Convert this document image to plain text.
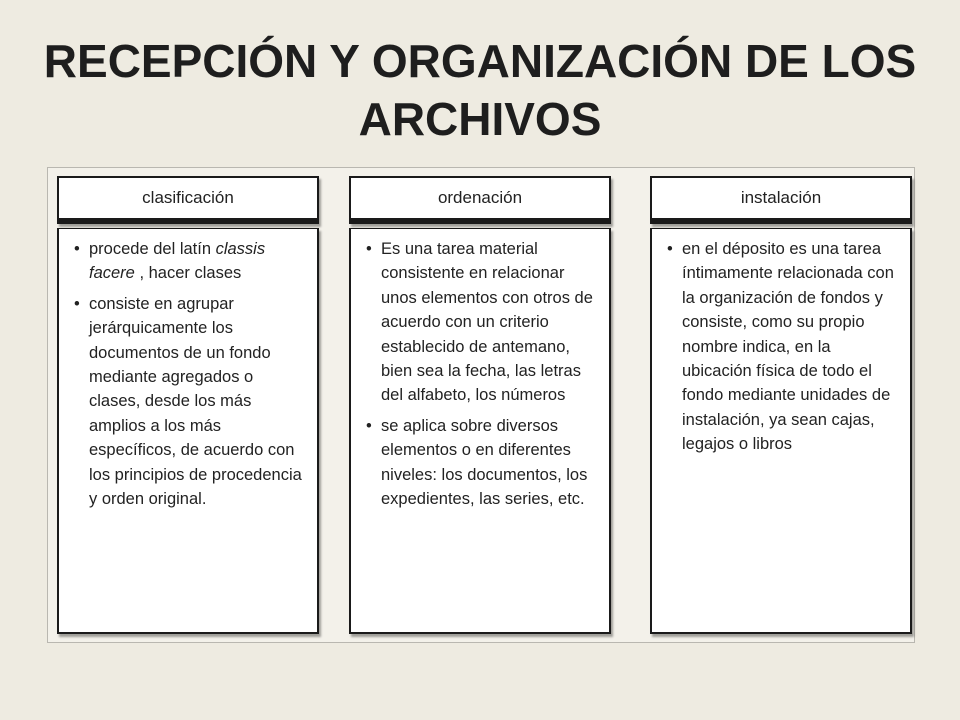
RECEPCIÓN Y ORGANIZACIÓN DE LOS ARCHIVOS
clasificación
• procede del latín classis facere , hacer clases
• consiste en agrupar jerárquicamente los documentos de un fondo mediante agregados o clases, desde los más amplios a los más específicos, de acuerdo con los principios de procedencia y orden original.
ordenación
• Es una tarea material consistente en relacionar unos elementos con otros de acuerdo con un criterio establecido de antemano, bien sea la fecha, las letras del alfabeto, los números
• se aplica sobre diversos elementos o en diferentes niveles: los documentos, los expedientes, las series, etc.
instalación
• en el déposito es una tarea íntimamente relacionada con la organización de fondos y consiste, como su propio nombre indica, en la ubicación física de todo el fondo mediante unidades de instalación, ya sean cajas, legajos o libros
